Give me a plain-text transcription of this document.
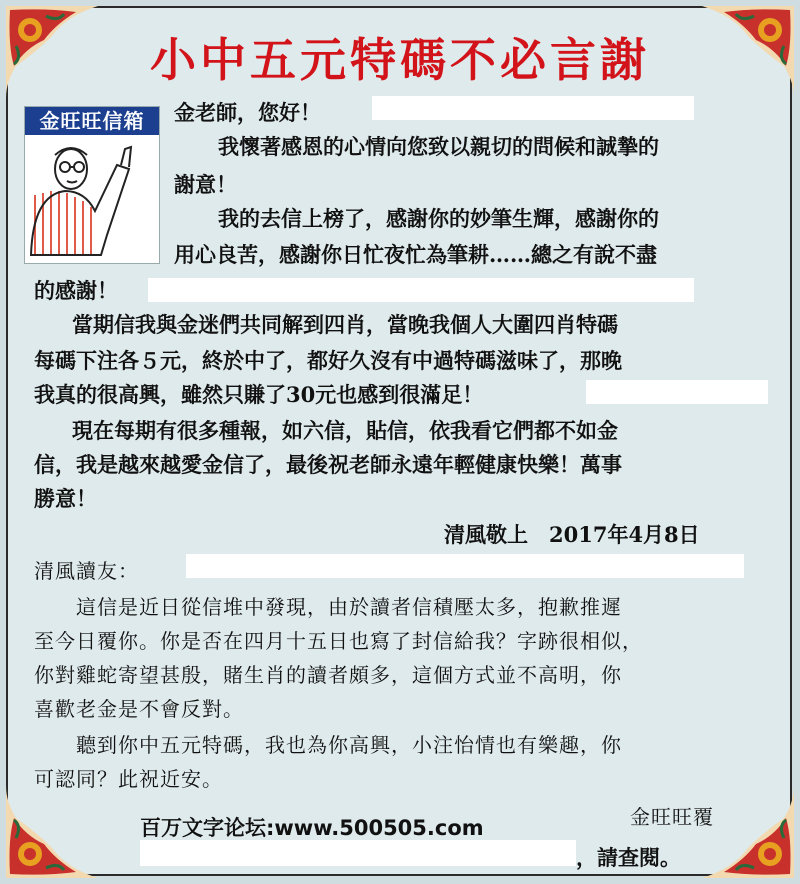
小中五元特碼不必言謝
金旺旺信箱	金老師，您好！
我懷著感恩的心情向您致以親切的問候和誠摯的
謝意！
我的去信上榜了，感謝你的妙筆生輝，感謝你的
用心良苦，感謝你日忙夜忙為筆耕……總之有說不盡
的感謝！
當期信我與金迷們共同解到四肖，當晚我個人大圍四肖特碼
每碼下注各５元，終於中了，都好久沒有中過特碼滋味了，那晚
我真的很高興，雖然只賺了30元也感到很滿足！
現在每期有很多種報，如六信，貼信，依我看它們都不如金
信，我是越來越愛金信了，最後祝老師永遠年輕健康快樂！萬事
勝意！
清風敬上　2017年4月8日
清風讀友：
這信是近日從信堆中發現，由於讀者信積壓太多，抱歉推遲
至今日覆你。你是否在四月十五日也寫了封信給我？字跡很相似，
你對雞蛇寄望甚殷，賭生肖的讀者頗多，這個方式並不高明，你
喜歡老金是不會反對。
聽到你中五元特碼，我也為你高興，小注怡情也有樂趣，你
可認同？此祝近安。
金旺旺覆
百万文字论坛:www.500505.com
，請查閱。
